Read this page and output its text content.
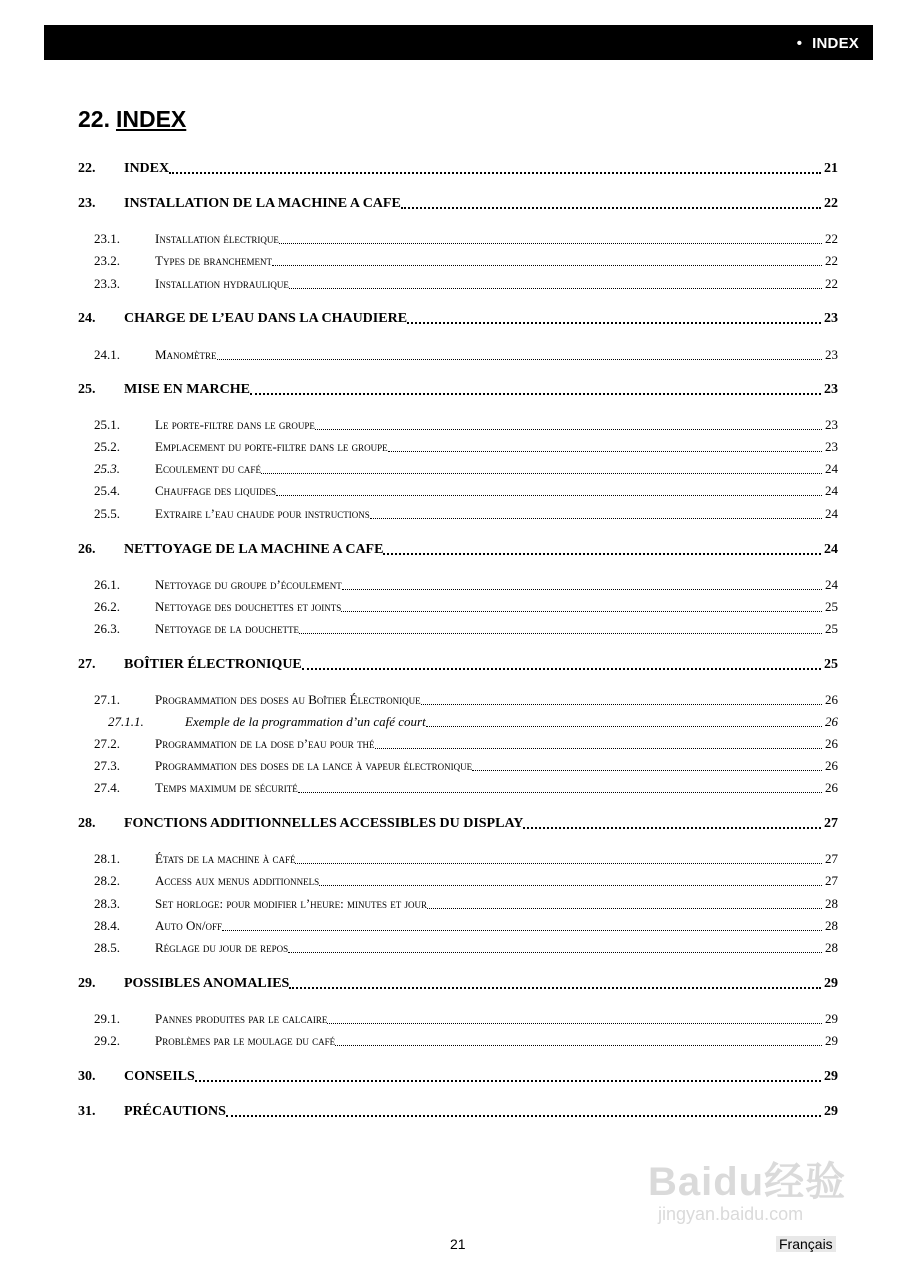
• INDEX
22. INDEX
22.	INDEX	21
23.	INSTALLATION DE LA MACHINE A CAFE	22
23.1.	Installation électrique	22
23.2.	Types de branchement	22
23.3.	Installation hydraulique	22
24.	CHARGE DE L’EAU DANS LA CHAUDIERE	23
24.1.	Manomètre	23
25.	MISE EN MARCHE	23
25.1.	Le porte-filtre dans le groupe	23
25.2.	Emplacement du porte-filtre dans le groupe	23
25.3.	Ecoulement du café	24
25.4.	Chauffage des liquides	24
25.5.	Extraire l’eau chaude pour instructions	24
26.	NETTOYAGE DE LA MACHINE A CAFE	24
26.1.	Nettoyage du groupe d’écoulement	24
26.2.	Nettoyage des douchettes et joints	25
26.3.	Nettoyage de la douchette	25
27.	BOÎTIER ÉLECTRONIQUE	25
27.1.	Programmation des doses au Boîtier Électronique	26
27.1.1.	Exemple de la programmation d’un café court	26
27.2.	Programmation de la dose d’eau pour thé	26
27.3.	Programmation des doses de la lance à vapeur électronique	26
27.4.	Temps maximum de sécurité	26
28.	FONCTIONS ADDITIONNELLES ACCESSIBLES DU DISPLAY	27
28.1.	États de la machine à café	27
28.2.	Access aux menus additionnels	27
28.3.	Set horloge: pour modifier l’heure: minutes et jour	28
28.4.	Auto On/off	28
28.5.	Réglage du jour de repos	28
29.	POSSIBLES ANOMALIES	29
29.1.	Pannes produites par le calcaire	29
29.2.	Problèmes par le moulage du café	29
30.	CONSEILS	29
31.	PRÉCAUTIONS	29
21	Français
Baidu经验
jingyan.baidu.com
